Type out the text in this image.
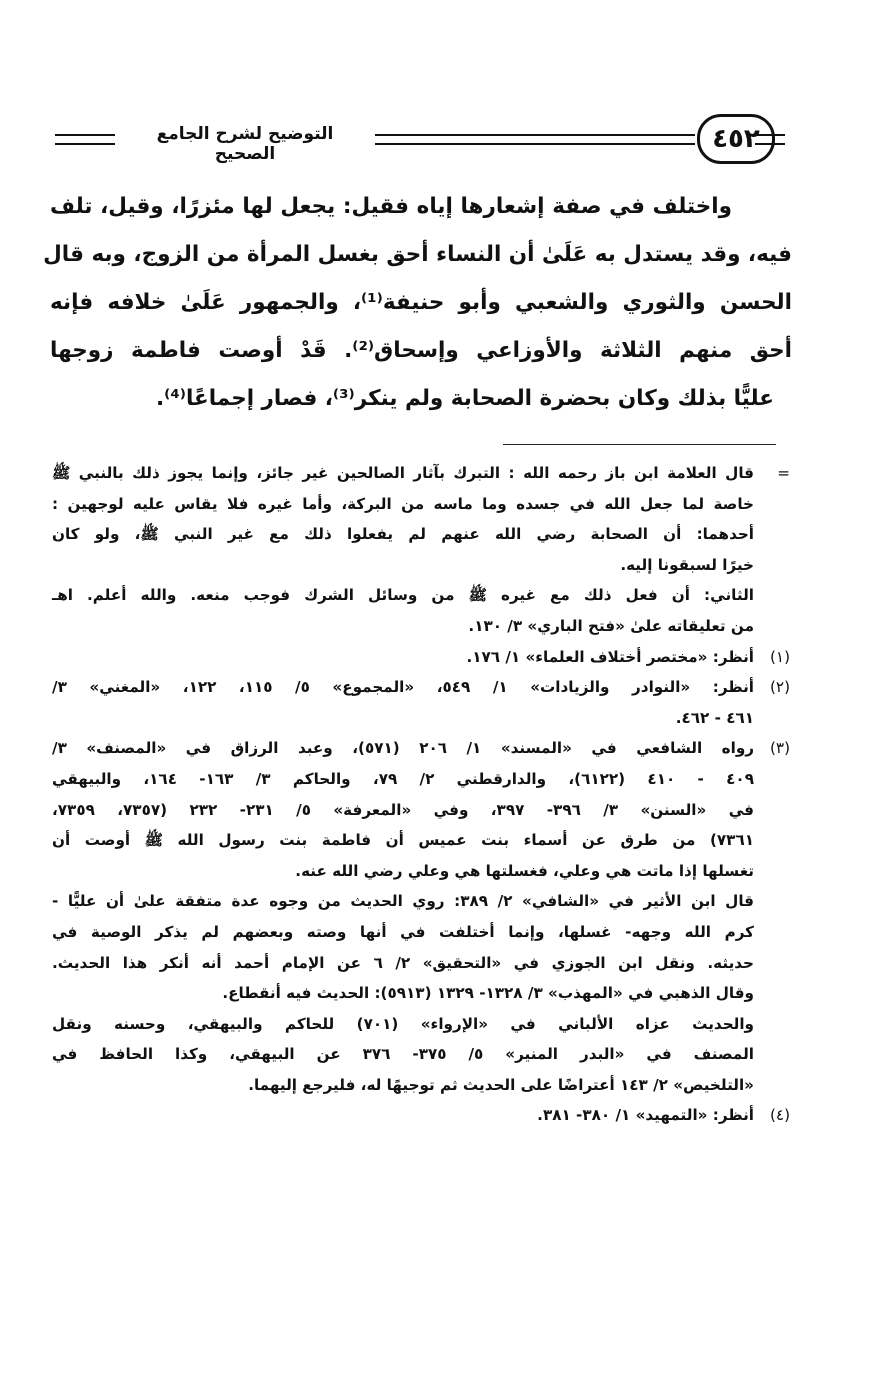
التوضيح لشرح الجامع الصحيح	٤٥٢
واختلف في صفة إشعارها إياه فقيل: يجعل لها مئزرًا، وقيل، تلف
فيه، وقد يستدل به عَلَىٰ أن النساء أحق بغسل المرأة من الزوج، وبه قال
الحسن والثوري والشعبي وأبو حنيفة⁽¹⁾، والجمهور عَلَىٰ خلافه فإنه
أحق منهم الثلاثة والأوزاعي وإسحاق⁽²⁾. قَدْ أوصت فاطمة زوجها
عليًّا بذلك وكان بحضرة الصحابة ولم ينكر⁽³⁾، فصار إجماعًا⁽⁴⁾.
=
قال العلامة ابن باز رحمه الله : التبرك بآثار الصالحين غير جائز، وإنما يجوز ذلك بالنبي ﷺ
خاصة لما جعل الله في جسده وما ماسه من البركة، وأما غيره فلا يقاس عليه لوجهين :
أحدهما: أن الصحابة رضي الله عنهم لم يفعلوا ذلك مع غير النبي ﷺ، ولو كان
خيرًا لسبقونا إليه.
الثاني: أن فعل ذلك مع غيره ﷺ من وسائل الشرك فوجب منعه. والله أعلم. اهـ
من تعليقاته علىٰ «فتح الباري» ٣/ ١٣٠.
(١)
أنظر: «مختصر أختلاف العلماء» ١/ ١٧٦.
(٢)
أنظر: «النوادر والزيادات» ١/ ٥٤٩، «المجموع» ٥/ ١١٥، ١٢٢، «المغني» ٣/
٤٦١ - ٤٦٢.
(٣)
رواه الشافعي في «المسند» ١/ ٢٠٦ (٥٧١)، وعبد الرزاق في «المصنف» ٣/
٤٠٩ - ٤١٠ (٦١٢٢)، والدارقطني ٢/ ٧٩، والحاكم ٣/ ١٦٣- ١٦٤، والبيهقي
في «السنن» ٣/ ٣٩٦- ٣٩٧، وفي «المعرفة» ٥/ ٢٣١- ٢٣٢ (٧٣٥٧، ٧٣٥٩،
٧٣٦١) من طرق عن أسماء بنت عميس أن فاطمة بنت رسول الله ﷺ أوصت أن
تغسلها إذا ماتت هي وعلي، فغسلتها هي وعلي رضي الله عنه.
قال ابن الأثير في «الشافي» ٢/ ٣٨٩: روي الحديث من وجوه عدة متفقة علىٰ أن عليًّا -
كرم الله وجهه- غسلها، وإنما أختلفت في أنها وصته وبعضهم لم يذكر الوصية في
حديثه. ونقل ابن الجوزي في «التحقيق» ٢/ ٦ عن الإمام أحمد أنه أنكر هذا الحديث.
وقال الذهبي في «المهذب» ٣/ ١٣٢٨- ١٣٢٩ (٥٩١٣): الحديث فيه أنقطاع.
والحديث عزاه الألباني في «الإرواء» (٧٠١) للحاكم والبيهقي، وحسنه ونقل
المصنف في «البدر المنير» ٥/ ٣٧٥- ٣٧٦ عن البيهقي، وكذا الحافظ في
«التلخيص» ٢/ ١٤٣ أعتراضًا على الحديث ثم توجيهًا له، فليرجع إليهما.
(٤)
أنظر: «التمهيد» ١/ ٣٨٠- ٣٨١.
